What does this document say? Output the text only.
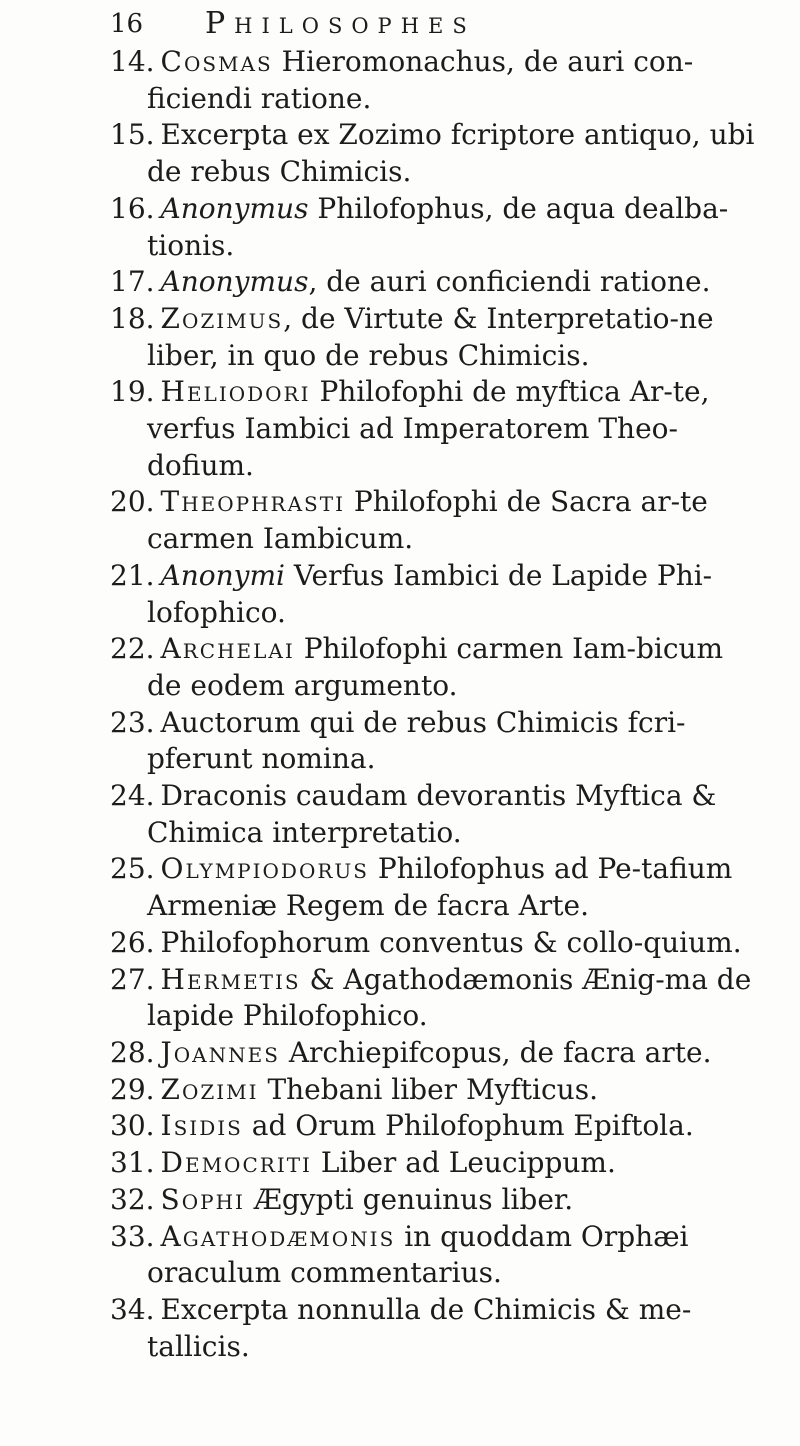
16 Philosophes
14. Cosmas Hieromonachus, de auri con-ficiendi ratione.
15. Excerpta ex Zozimo fcriptore antiquo, ubi de rebus Chimicis.
16. Anonymus Philofophus, de aqua dealba-tionis.
17. Anonymus, de auri conficiendi ratione.
18. Zozimus, de Virtute & Interpretatio-ne liber, in quo de rebus Chimicis.
19. Heliodori Philofophi de myftica Ar-te, verfus Iambici ad Imperatorem Theo-dofium.
20. Theophrasti Philofophi de Sacra ar-te carmen Iambicum.
21. Anonymi Verfus Iambici de Lapide Phi-lofophico.
22. Archelai Philofophi carmen Iam-bicum de eodem argumento.
23. Auctorum qui de rebus Chimicis fcri-pferunt nomina.
24. Draconis caudam devorantis Myftica & Chimica interpretatio.
25. Olympiodorus Philofophus ad Pe-tafium Armeniæ Regem de facra Arte.
26. Philofophorum conventus & collo-quium.
27. Hermetis & Agathodæmonis Ænig-ma de lapide Philofophico.
28. Joannes Archiepifcopus, de facra arte.
29. Zozimi Thebani liber Myfticus.
30. Isidis ad Orum Philofophum Epiftola.
31. Democriti Liber ad Leucippum.
32. Sophi Ægypti genuinus liber.
33. Agathodæmonis in quoddam Orphæi oraculum commentarius.
34. Excerpta nonnulla de Chimicis & me-tallicis.
